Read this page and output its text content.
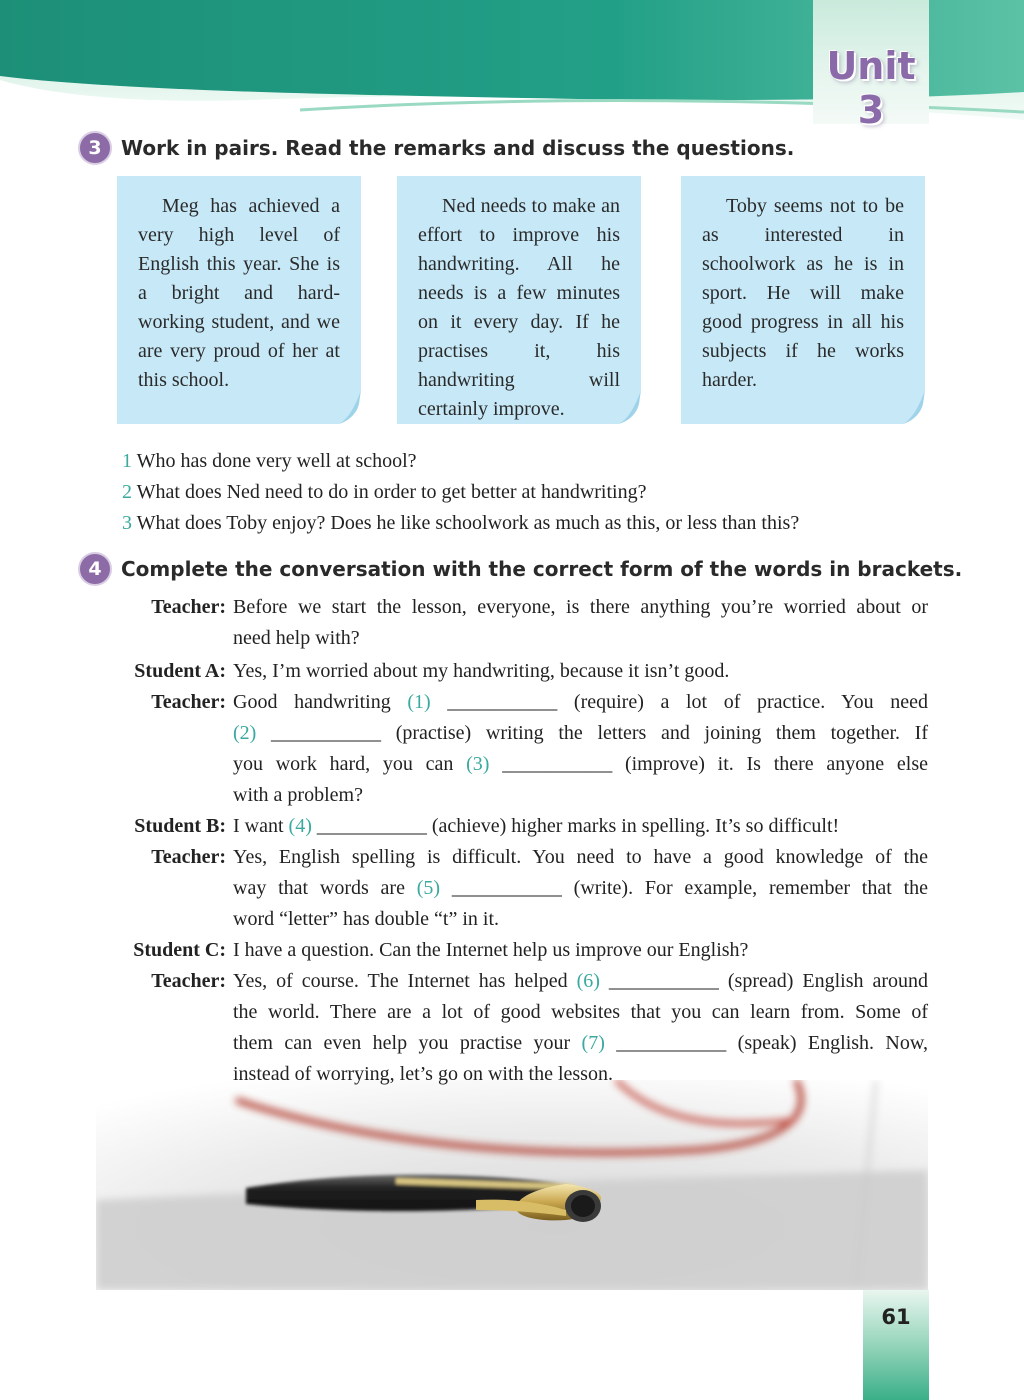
Unit 3
3 Work in pairs. Read the remarks and discuss the questions.
Meg has achieved a very high level of English this year. She is a bright and hard-working student, and we are very proud of her at this school.
Ned needs to make an effort to improve his handwriting. All he needs is a few minutes on it every day. If he practises it, his handwriting will certainly improve.
Toby seems not to be as interested in schoolwork as he is in sport. He will make good progress in all his subjects if he works harder.
1 Who has done very well at school?
2 What does Ned need to do in order to get better at handwriting?
3 What does Toby enjoy? Does he like schoolwork as much as this, or less than this?
4 Complete the conversation with the correct form of the words in brackets.
Teacher: Before we start the lesson, everyone, is there anything you’re worried about or
need help with?
Student A: Yes, I’m worried about my handwriting, because it isn’t good.
Teacher: Good handwriting (1) ___________ (require) a lot of practice. You need
(2) ___________ (practise) writing the letters and joining them together. If
you work hard, you can (3) ___________ (improve) it. Is there anyone else
with a problem?
Student B: I want (4) ___________ (achieve) higher marks in spelling. It’s so difficult!
Teacher: Yes, English spelling is difficult. You need to have a good knowledge of the
way that words are (5) ___________ (write). For example, remember that the
word “letter” has double “t” in it.
Student C: I have a question. Can the Internet help us improve our English?
Teacher: Yes, of course. The Internet has helped (6) ___________ (spread) English around
the world. There are a lot of good websites that you can learn from. Some of
them can even help you practise your (7) ___________ (speak) English. Now,
instead of worrying, let’s go on with the lesson.
61
